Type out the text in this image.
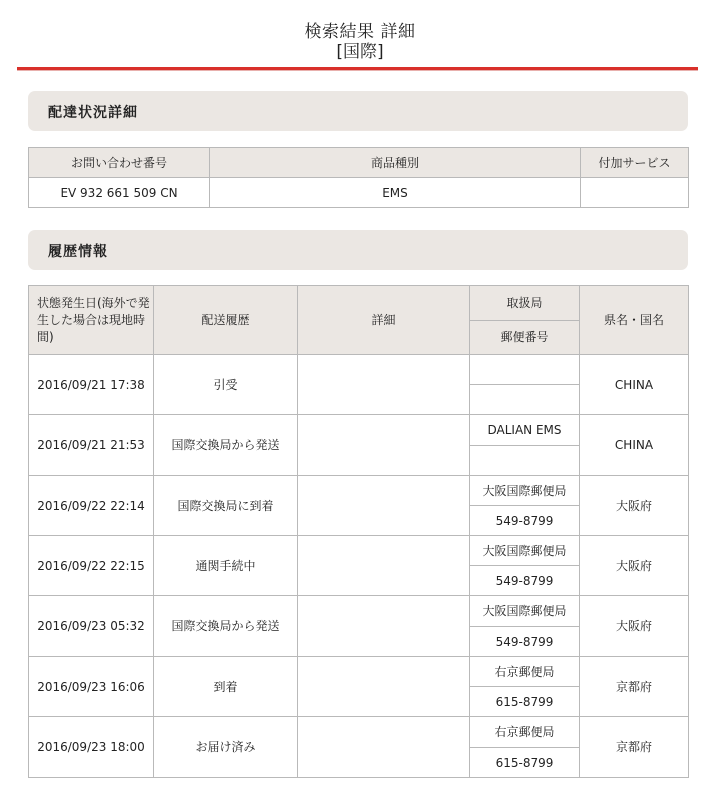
検索結果 詳細
[国際]
配達状況詳細
お問い合わせ番号	商品種別	付加サービス
EV 932 661 509 CN	EMS	
履歴情報
状態発生日(海外で発生した場合は現地時間)	配送履歴	詳細	取扱局	県名・国名
			郵便番号	
2016/09/21 17:38	引受			CHINA

2016/09/21 21:53	国際交換局から発送		DALIAN EMS	CHINA

2016/09/22 22:14	国際交換局に到着		大阪国際郵便局	大阪府
			549-8799	
2016/09/22 22:15	通関手続中		大阪国際郵便局	大阪府
			549-8799	
2016/09/23 05:32	国際交換局から発送		大阪国際郵便局	大阪府
			549-8799	
2016/09/23 16:06	到着		右京郵便局	京都府
			615-8799	
2016/09/23 18:00	お届け済み		右京郵便局	京都府
			615-8799	
